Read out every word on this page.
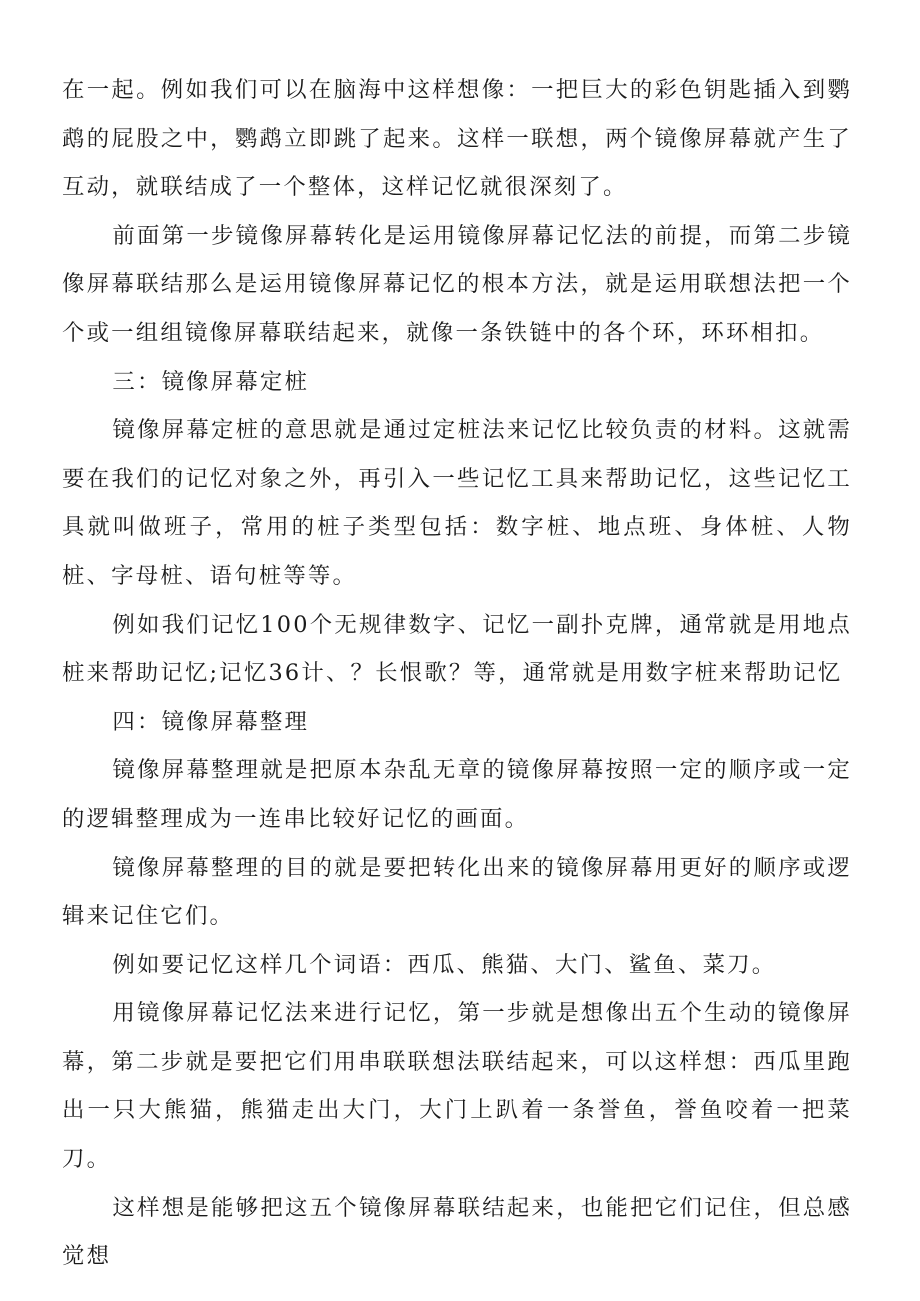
在一起。例如我们可以在脑海中这样想像：一把巨大的彩色钥匙插入到鹦鹉的屁股之中，鹦鹉立即跳了起来。这样一联想，两个镜像屏幕就产生了互动，就联结成了一个整体，这样记忆就很深刻了。

前面第一步镜像屏幕转化是运用镜像屏幕记忆法的前提，而第二步镜像屏幕联结那么是运用镜像屏幕记忆的根本方法，就是运用联想法把一个个或一组组镜像屏幕联结起来，就像一条铁链中的各个环，环环相扣。

三：镜像屏幕定桩

镜像屏幕定桩的意思就是通过定桩法来记忆比较负责的材料。这就需要在我们的记忆对象之外，再引入一些记忆工具来帮助记忆，这些记忆工具就叫做班子，常用的桩子类型包括：数字桩、地点班、身体桩、人物桩、字母桩、语句桩等等。

例如我们记忆100个无规律数字、记忆一副扑克牌，通常就是用地点桩来帮助记忆;记忆36计、？长恨歌？等，通常就是用数字桩来帮助记忆

四：镜像屏幕整理

镜像屏幕整理就是把原本杂乱无章的镜像屏幕按照一定的顺序或一定的逻辑整理成为一连串比较好记忆的画面。

镜像屏幕整理的目的就是要把转化出来的镜像屏幕用更好的顺序或逻辑来记住它们。

例如要记忆这样几个词语：西瓜、熊猫、大门、鲨鱼、菜刀。

用镜像屏幕记忆法来进行记忆，第一步就是想像出五个生动的镜像屏幕，第二步就是要把它们用串联联想法联结起来，可以这样想：西瓜里跑出一只大熊猫，熊猫走出大门，大门上趴着一条誉鱼，誉鱼咬着一把菜刀。

这样想是能够把这五个镜像屏幕联结起来，也能把它们记住，但总感觉想
